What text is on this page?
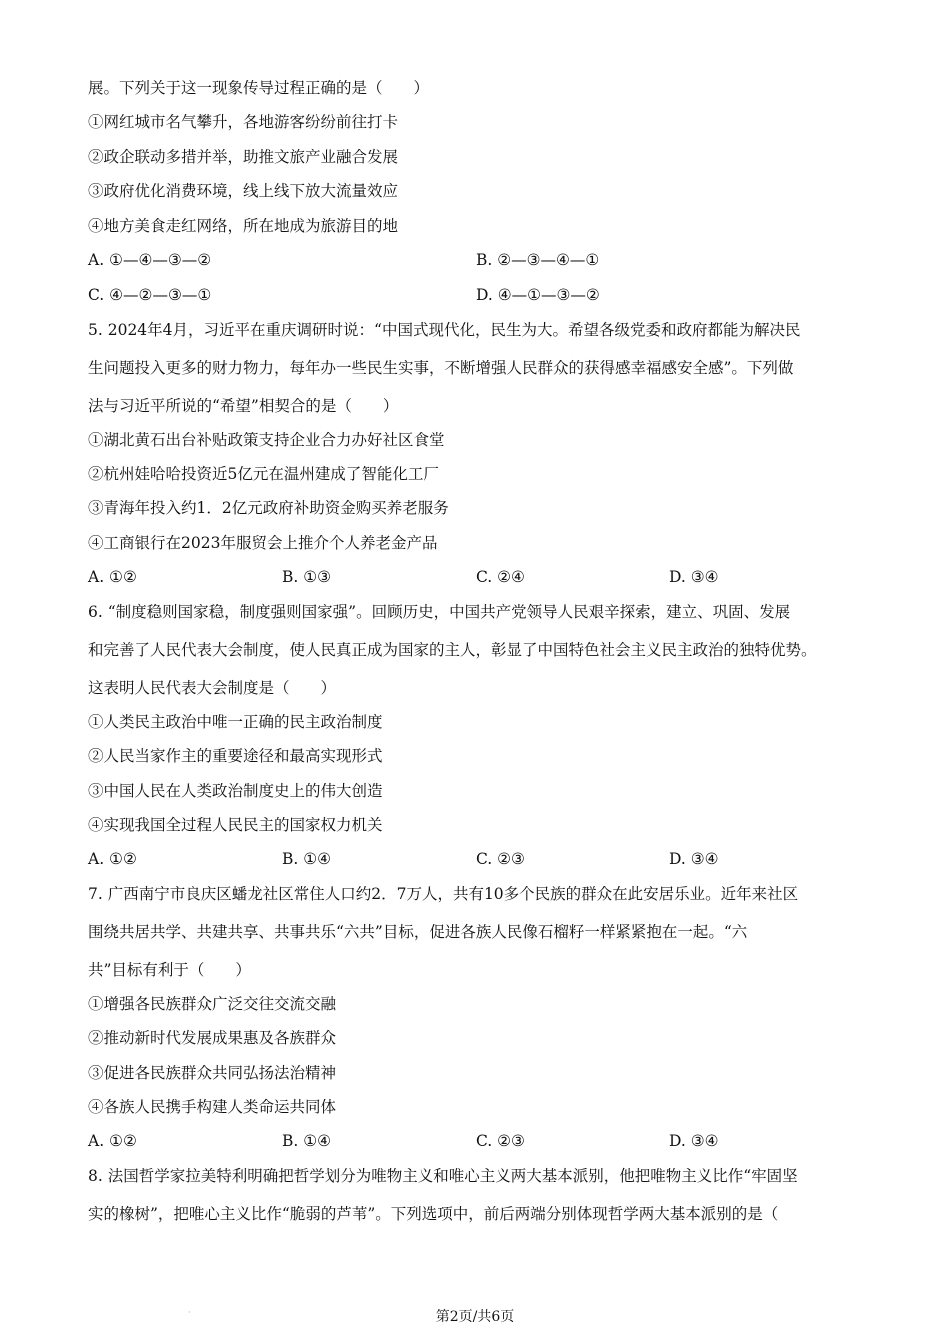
展。下列关于这一现象传导过程正确的是（　　）
①网红城市名气攀升，各地游客纷纷前往打卡
②政企联动多措并举，助推文旅产业融合发展
③政府优化消费环境，线上线下放大流量效应
④地方美食走红网络，所在地成为旅游目的地
A. ①—④—③—②	B. ②—③—④—①
C. ④—②—③—①	D. ④—①—③—②
5. 2024年4月，习近平在重庆调研时说：“中国式现代化，民生为大。希望各级党委和政府都能为解决民
生问题投入更多的财力物力，每年办一些民生实事，不断增强人民群众的获得感幸福感安全感”。下列做
法与习近平所说的“希望”相契合的是（　　）
①湖北黄石出台补贴政策支持企业合力办好社区食堂
②杭州娃哈哈投资近5亿元在温州建成了智能化工厂
③青海年投入约1．2亿元政府补助资金购买养老服务
④工商银行在2023年服贸会上推介个人养老金产品
A. ①②	B. ①③	C. ②④	D. ③④
6. “制度稳则国家稳，制度强则国家强”。回顾历史，中国共产党领导人民艰辛探索，建立、巩固、发展
和完善了人民代表大会制度，使人民真正成为国家的主人，彰显了中国特色社会主义民主政治的独特优势。
这表明人民代表大会制度是（　　）
①人类民主政治中唯一正确的民主政治制度
②人民当家作主的重要途径和最高实现形式
③中国人民在人类政治制度史上的伟大创造
④实现我国全过程人民民主的国家权力机关
A. ①②	B. ①④	C. ②③	D. ③④
7. 广西南宁市良庆区蟠龙社区常住人口约2．7万人，共有10多个民族的群众在此安居乐业。近年来社区
围绕共居共学、共建共享、共事共乐“六共”目标，促进各族人民像石榴籽一样紧紧抱在一起。“六
共”目标有利于（　　）
①增强各民族群众广泛交往交流交融
②推动新时代发展成果惠及各族群众
③促进各民族群众共同弘扬法治精神
④各族人民携手构建人类命运共同体
A. ①②	B. ①④	C. ②③	D. ③④
8. 法国哲学家拉美特利明确把哲学划分为唯物主义和唯心主义两大基本派别，他把唯物主义比作“牢固坚
实的橡树”，把唯心主义比作“脆弱的芦苇”。下列选项中，前后两端分别体现哲学两大基本派别的是（
·	第2页/共6页
